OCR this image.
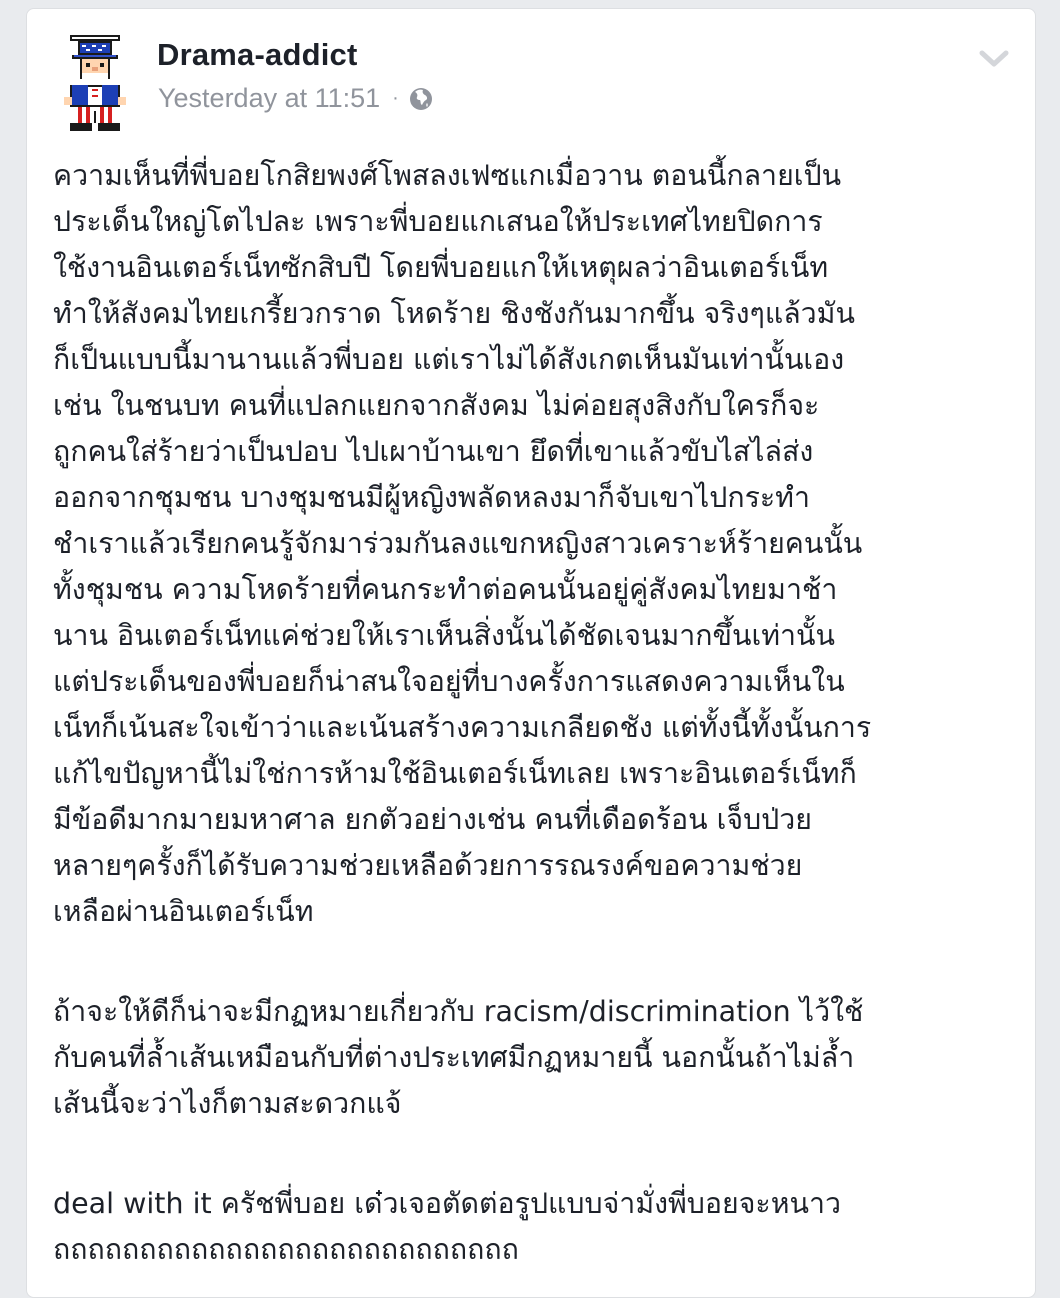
Drama-addict
Yesterday at 11:51 ·
ความเห็นที่พี่บอยโกสิยพงศ์โพสลงเฟซแกเมื่อวาน ตอนนี้กลายเป็น
ประเด็นใหญ่โตไปละ เพราะพี่บอยแกเสนอให้ประเทศไทยปิดการ
ใช้งานอินเตอร์เน็ทซักสิบปี โดยพี่บอยแกให้เหตุผลว่าอินเตอร์เน็ท
ทำให้สังคมไทยเกรี้ยวกราด โหดร้าย ชิงชังกันมากขึ้น จริงๆแล้วมัน
ก็เป็นแบบนี้มานานแล้วพี่บอย แต่เราไม่ได้สังเกตเห็นมันเท่านั้นเอง
เช่น ในชนบท คนที่แปลกแยกจากสังคม ไม่ค่อยสุงสิงกับใครก็จะ
ถูกคนใส่ร้ายว่าเป็นปอบ ไปเผาบ้านเขา ยึดที่เขาแล้วขับไสไล่ส่ง
ออกจากชุมชน บางชุมชนมีผู้หญิงพลัดหลงมาก็จับเขาไปกระทำ
ชำเราแล้วเรียกคนรู้จักมาร่วมกันลงแขกหญิงสาวเคราะห์ร้ายคนนั้น
ทั้งชุมชน ความโหดร้ายที่คนกระทำต่อคนนั้นอยู่คู่สังคมไทยมาช้า
นาน อินเตอร์เน็ทแค่ช่วยให้เราเห็นสิ่งนั้นได้ชัดเจนมากขึ้นเท่านั้น
แต่ประเด็นของพี่บอยก็น่าสนใจอยู่ที่บางครั้งการแสดงความเห็นใน
เน็ทก็เน้นสะใจเข้าว่าและเน้นสร้างความเกลียดชัง แต่ทั้งนี้ทั้งนั้นการ
แก้ไขปัญหานี้ไม่ใช่การห้ามใช้อินเตอร์เน็ทเลย เพราะอินเตอร์เน็ทก็
มีข้อดีมากมายมหาศาล ยกตัวอย่างเช่น คนที่เดือดร้อน เจ็บป่วย
หลายๆครั้งก็ได้รับความช่วยเหลือด้วยการรณรงค์ขอความช่วย
เหลือผ่านอินเตอร์เน็ท
ถ้าจะให้ดีก็น่าจะมีกฏหมายเกี่ยวกับ racism/discrimination ไว้ใช้
กับคนที่ล้ำเส้นเหมือนกับที่ต่างประเทศมีกฏหมายนี้ นอกนั้นถ้าไม่ล้ำ
เส้นนี้จะว่าไงก็ตามสะดวกแจ้
deal with it ครัชพี่บอย เด๋วเจอตัดต่อรูปแบบจ่ามั่งพี่บอยจะหนาว
ถถถถถถถถถถถถถถถถถถถถถถถถถถถ
